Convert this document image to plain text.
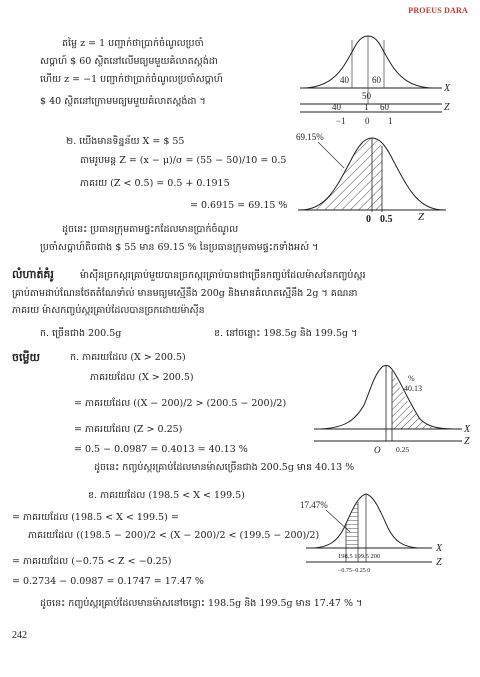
PROEUS DARA
តម្លៃ z = 1 បញ្ជាក់ថាប្រាក់ចំណូលប្រចាំ
សប្តាហ៍ $ 60 ស្ថិតនៅលើមធ្យមមួយគំលាតស្តង់ដា
ហើយ z = −1 បញ្ជាក់ថាប្រាក់ចំណូលប្រចាំសប្តាហ៍
$ 40 ស្ថិតនៅក្រោមមធ្យមមួយគំលាតស្តង់ដា ។
40	60
50
X
40	1 60	Z
−1 0 1
២. យើងមានទិន្នន័យ X = $ 55
តាមរូបមន្ត Z = (x − μ)/σ = (55 − 50)/10 = 0.5
ភាគរយ (Z < 0.5) = 0.5 + 0.1915
= 0.6915 = 69.15 %
ដូចនេះ ប្រធានក្រុមតាមផ្ទះកដែលមានប្រាក់ចំណូល
ប្រចាំសប្តាហ៍តិចជាង $ 55 មាន 69.15 % នៃប្រធានក្រុមតាមផ្ទះកទាំងអស់ ។
69.15%
0 0.5 Z
លំហាត់គំរូ	ម៉ាស៊ីនច្រកស្ករគ្រាប់មួយបានច្រកស្ករគ្រាប់បានជាច្រើនកញ្ចប់ដែលម៉ាសនៃកញ្ចប់ស្ករ
គ្រាប់តាមដាប់ណែនថែតតំណែទាំល់ មានមធ្យមស្មើនឹង 200g និងមានគំលាតស្មើនឹង 2g ។ គណនា
ភាគរយ ម៉ាសកញ្ចប់ស្ករគ្រាប់ដែលបានច្រកដោយម៉ាស៊ីន
ក. ច្រើនជាង 200.5g	ខ. នៅចន្លោះ 198.5g និង 199.5g ។
ចម្លើយ	ក. ភាគរយដែល (X > 200.5)
ភាគរយដែល (X > 200.5)
= ភាគរយដែល ((X − 200)/2 > (200.5 − 200)/2)
= ភាគរយដែល (Z > 0.25)
= 0.5 − 0.0987 = 0.4013 = 40.13 %
ដូចនេះ កញ្ចប់ស្ករគ្រាប់ដែលមានម៉ាសច្រើនជាង 200.5g មាន 40.13 %
%
40.13
O 0.25
X
Z
ខ. ភាគរយដែល (198.5 < X < 199.5)
= ភាគរយដែល (198.5 < X < 199.5) =
ភាគរយដែល ((198.5 − 200)/2 < (X − 200)/2 < (199.5 − 200)/2)
= ភាគរយដែល (−0.75 < Z < −0.25)
= 0.2734 − 0.0987 = 0.1747 = 17.47 %
ដូចនេះ កញ្ចប់ស្ករគ្រាប់ដែលមានម៉ាសនៅចន្លោះ 198.5g និង 199.5g មាន 17.47 % ។
17.47%
198.5 199.5 200
−0.75−0.25 0
X
Z
242
